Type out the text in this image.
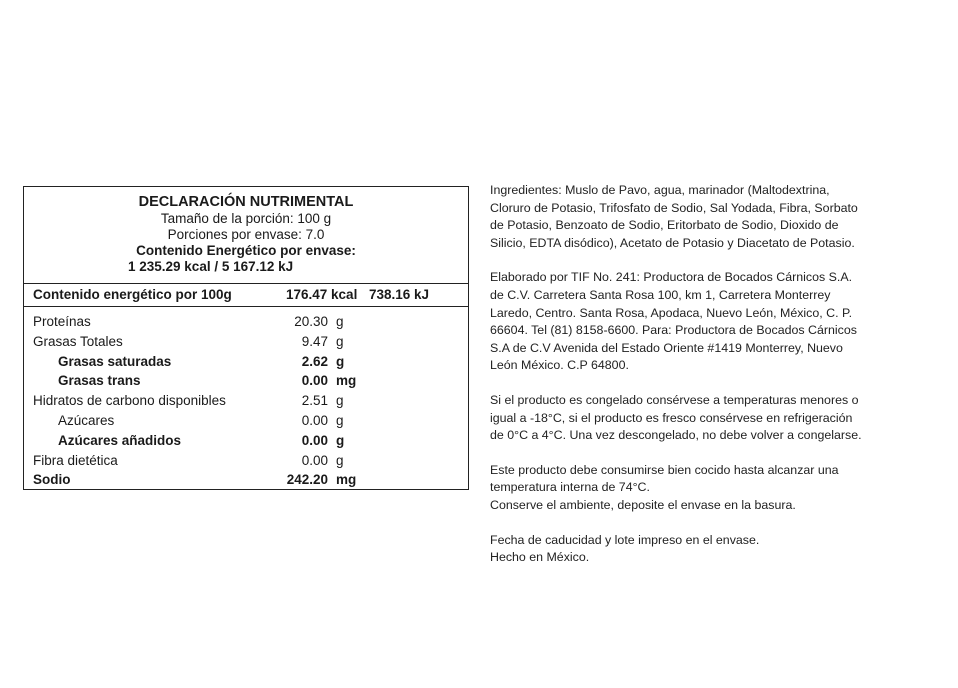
DECLARACIÓN NUTRIMENTAL
Tamaño de la porción: 100 g
Porciones por envase: 7.0
Contenido Energético por envase:
1 235.29 kcal / 5 167.12 kJ
Contenido energético por 100g	176.47 kcal 738.16 kJ
Proteínas	20.30 g
Grasas Totales	9.47 g
Grasas saturadas	2.62 g
Grasas trans	0.00 mg
Hidratos de carbono disponibles	2.51 g
Azúcares	0.00 g
Azúcares añadidos	0.00 g
Fibra dietética	0.00 g
Sodio	242.20 mg

Ingredientes: Muslo de Pavo, agua, marinador (Maltodextrina,
Cloruro de Potasio, Trifosfato de Sodio, Sal Yodada, Fibra, Sorbato
de Potasio, Benzoato de Sodio, Eritorbato de Sodio, Dioxido de
Silicio, EDTA disódico), Acetato de Potasio y Diacetato de Potasio.

Elaborado por TIF No. 241: Productora de Bocados Cárnicos S.A.
de C.V. Carretera Santa Rosa 100, km 1, Carretera Monterrey
Laredo, Centro. Santa Rosa, Apodaca, Nuevo León, México, C. P.
66604. Tel (81) 8158-6600. Para: Productora de Bocados Cárnicos
S.A de C.V Avenida del Estado Oriente #1419 Monterrey, Nuevo
León México. C.P 64800.

Si el producto es congelado consérvese a temperaturas menores o
igual a -18°C, si el producto es fresco consérvese en refrigeración
de 0°C a 4°C. Una vez descongelado, no debe volver a congelarse.

Este producto debe consumirse bien cocido hasta alcanzar una
temperatura interna de 74°C.
Conserve el ambiente, deposite el envase en la basura.

Fecha de caducidad y lote impreso en el envase.
Hecho en México.
